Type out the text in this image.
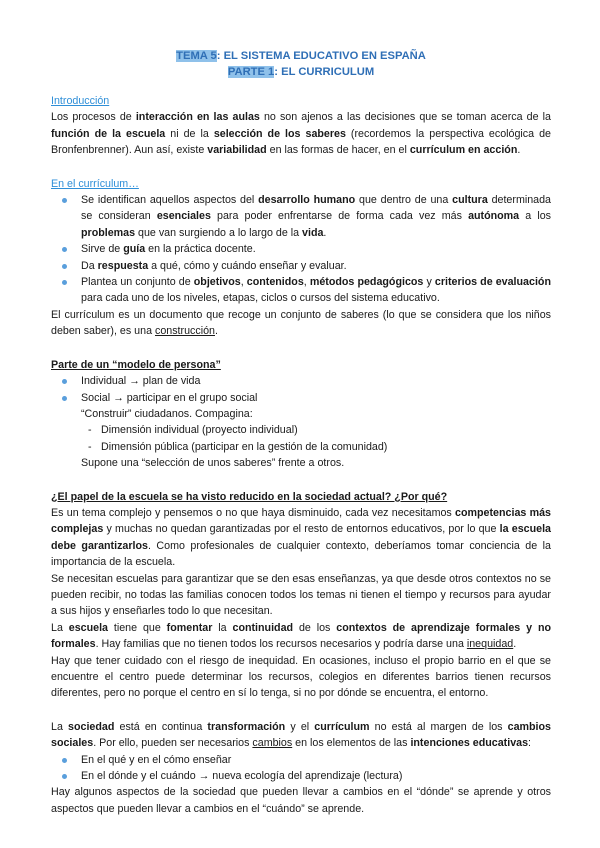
TEMA 5: EL SISTEMA EDUCATIVO EN ESPAÑA
PARTE 1: EL CURRICULUM
Introducción

Los procesos de interacción en las aulas no son ajenos a las decisiones que se toman acerca de la función de la escuela ni de la selección de los saberes (recordemos la perspectiva ecológica de Bronfenbrenner). Aun así, existe variabilidad en las formas de hacer, en el currículum en acción.

En el currículum…
Se identifican aquellos aspectos del desarrollo humano que dentro de una cultura determinada se consideran esenciales para poder enfrentarse de forma cada vez más autónoma a los problemas que van surgiendo a lo largo de la vida.
Sirve de guía en la práctica docente.
Da respuesta a qué, cómo y cuándo enseñar y evaluar.
Plantea un conjunto de objetivos, contenidos, métodos pedagógicos y criterios de evaluación para cada uno de los niveles, etapas, ciclos o cursos del sistema educativo.

El currículum es un documento que recoge un conjunto de saberes (lo que se considera que los niños deben saber), es una construcción.

Parte de un “modelo de persona”
Individual → plan de vida
Social → participar en el grupo social
“Construir” ciudadanos. Compagina:
- Dimensión individual (proyecto individual)
- Dimensión pública (participar en la gestión de la comunidad)
Supone una “selección de unos saberes” frente a otros.
¿El papel de la escuela se ha visto reducido en la sociedad actual? ¿Por qué?

Es un tema complejo y pensemos o no que haya disminuido, cada vez necesitamos competencias más complejas y muchas no quedan garantizadas por el resto de entornos educativos, por lo que la escuela debe garantizarlos. Como profesionales de cualquier contexto, deberíamos tomar conciencia de la importancia de la escuela.

Se necesitan escuelas para garantizar que se den esas enseñanzas, ya que desde otros contextos no se pueden recibir, no todas las familias conocen todos los temas ni tienen el tiempo y recursos para ayudar a sus hijos y enseñarles todo lo que necesitan.

La escuela tiene que fomentar la continuidad de los contextos de aprendizaje formales y no formales. Hay familias que no tienen todos los recursos necesarios y podría darse una inequidad.

Hay que tener cuidado con el riesgo de inequidad. En ocasiones, incluso el propio barrio en el que se encuentre el centro puede determinar los recursos, colegios en diferentes barrios tienen recursos diferentes, pero no porque el centro en sí lo tenga, si no por dónde se encuentra, el entorno.

La sociedad está en continua transformación y el currículum no está al margen de los cambios sociales. Por ello, pueden ser necesarios cambios en los elementos de las intenciones educativas:

En el qué y en el cómo enseñar
En el dónde y el cuándo → nueva ecología del aprendizaje (lectura)

Hay algunos aspectos de la sociedad que pueden llevar a cambios en el “dónde” se aprende y otros aspectos que pueden llevar a cambios en el “cuándo” se aprende.
